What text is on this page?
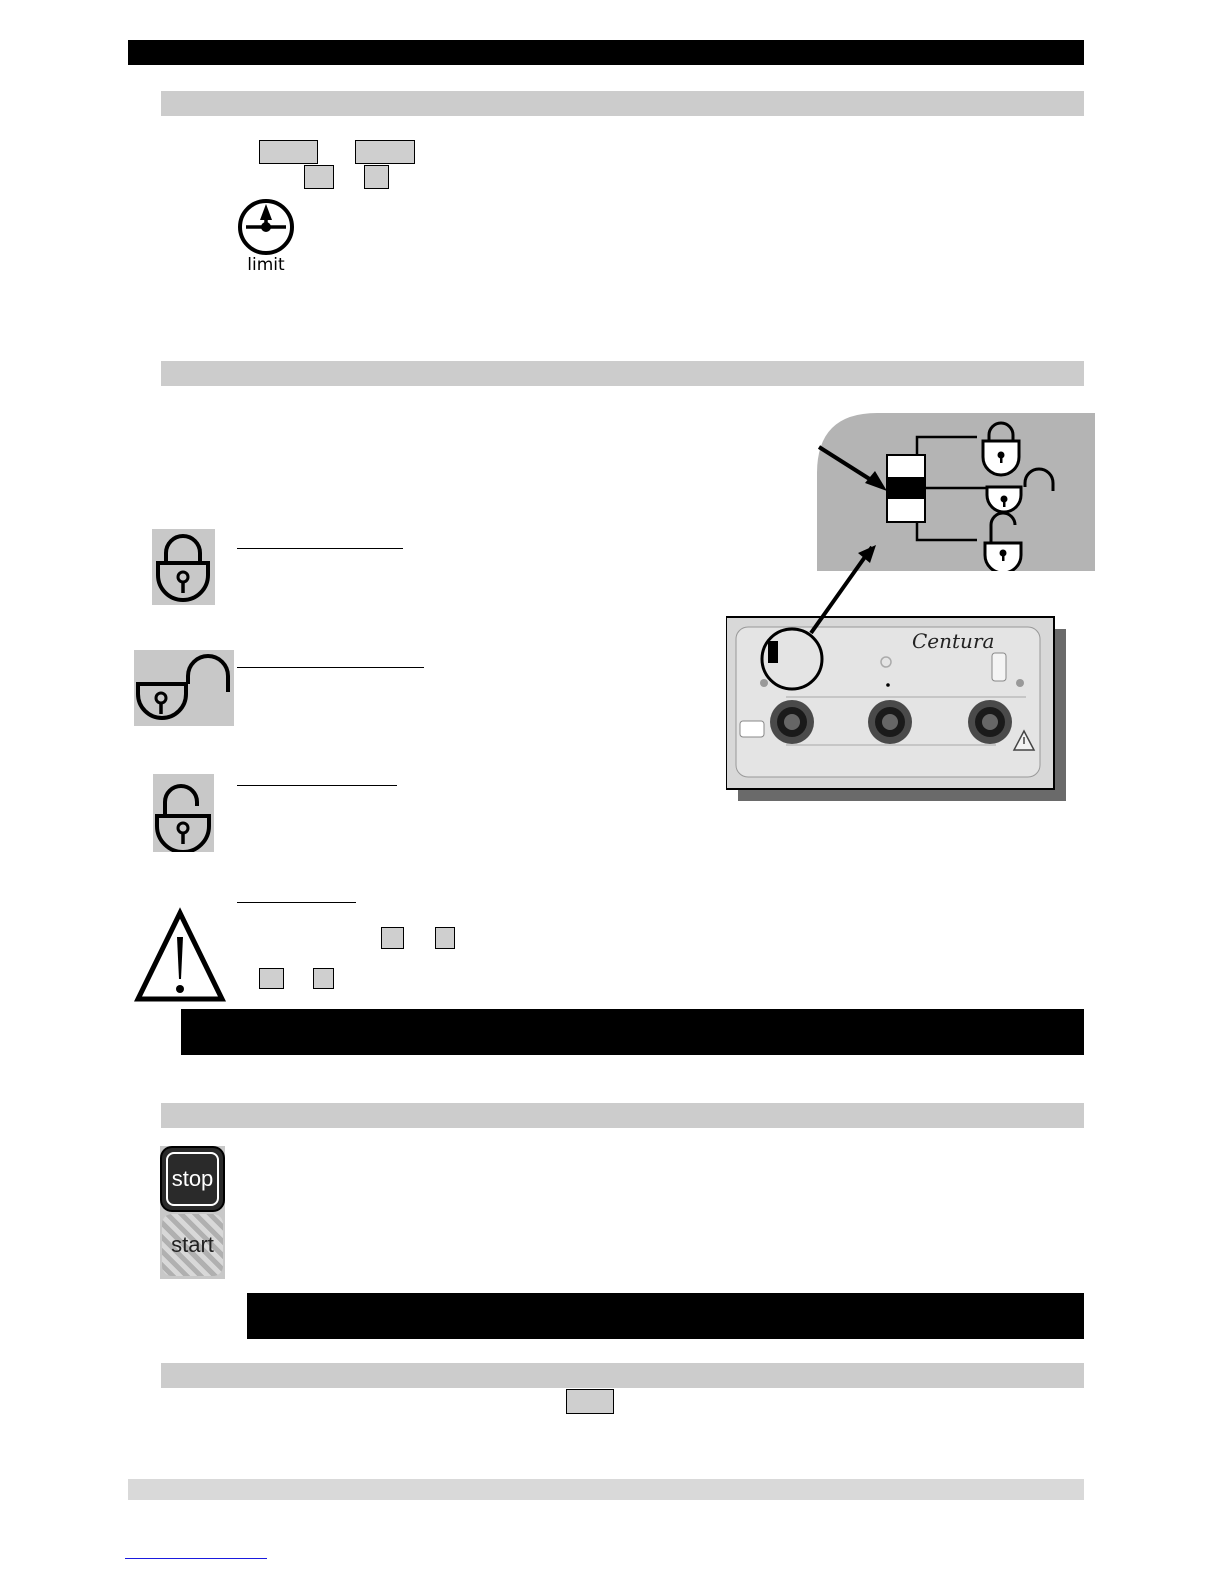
limit
Centura
stop
start
